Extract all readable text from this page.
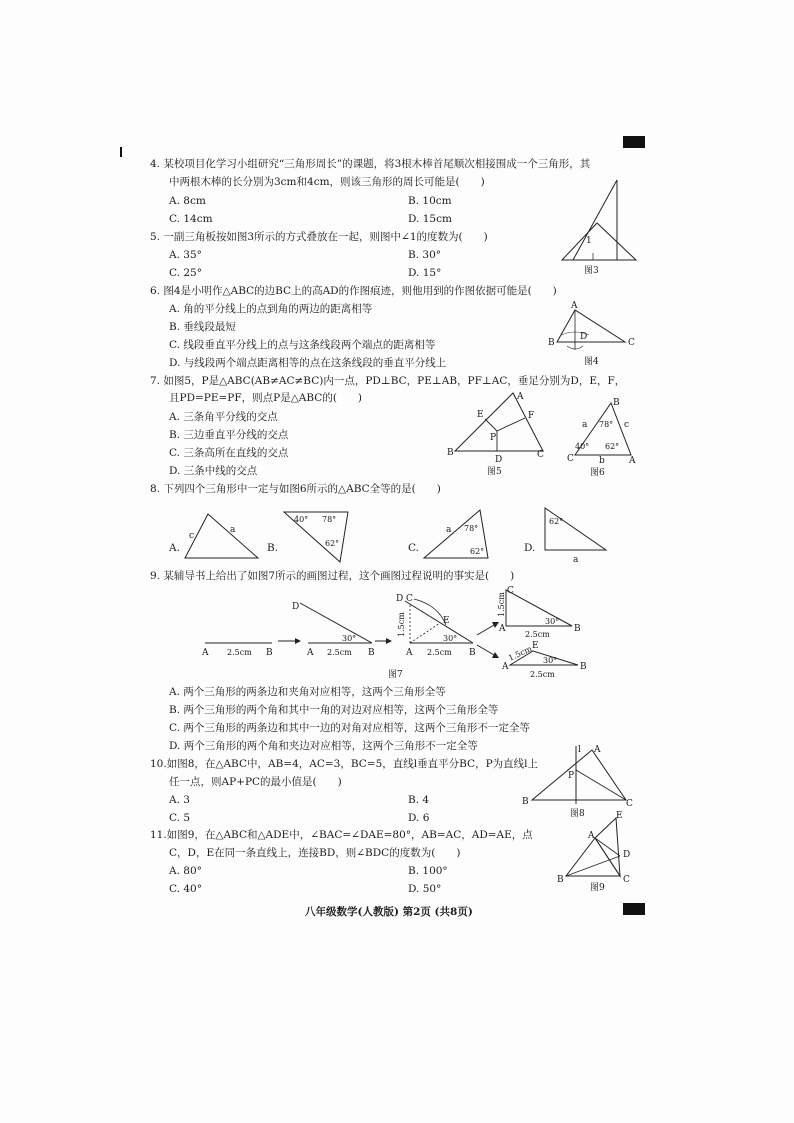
4. 某校项目化学习小组研究“三角形周长”的课题，将3根木棒首尾顺次相接围成一个三角形，其
中两根木棒的长分别为3cm和4cm，则该三角形的周长可能是(　　)
A. 8cm	B. 10cm
C. 14cm	D. 15cm
1
图3
5. 一副三角板按如图3所示的方式叠放在一起，则图中∠1的度数为(　　)
A. 35°	B. 30°
C. 25°	D. 15°
6. 图4是小明作△ABC的边BC上的高AD的作图痕迹，则他用到的作图依据可能是(　　)
A. 角的平分线上的点到角的两边的距离相等
B. 垂线段最短
C. 线段垂直平分线上的点与这条线段两个端点的距离相等
D. 与线段两个端点距离相等的点在这条线段的垂直平分线上
A
B	C
D
图4
7. 如图5，P是△ABC(AB≠AC≠BC)内一点，PD⊥BC，PE⊥AB，PF⊥AC，垂足分别为D，E，F，
且PD=PE=PF，则点P是△ABC的(　　)
A. 三条角平分线的交点
B. 三边垂直平分线的交点
C. 三条高所在直线的交点
D. 三条中线的交点
A
B	C
D
E	F
P
图5
B
C	A
78°
40° 62°
a	c
b
图6
8. 下列四个三角形中一定与如图6所示的△ABC全等的是(　　)
A.	B.	C.	D.
c
a
40° 78°
62°
a 78°
62°
62°
a
9. 某辅导书上给出了如图7所示的画图过程，这个画图过程说明的事实是(　　)
A	B
2.5cm
D
A	B
2.5cm
30°
D C
E
A	B
2.5cm
30°
1.5cm
C
A	B
30°
2.5cm
1.5cm
E
A	B
30°
2.5cm
1.5cm
图7
A. 两个三角形的两条边和夹角对应相等，这两个三角形全等
B. 两个三角形的两个角和其中一角的对边对应相等，这两个三角形全等
C. 两个三角形的两条边和其中一边的对角对应相等，这两个三角形不一定全等
D. 两个三角形的两个角和夹边对应相等，这两个三角形不一定全等
10.如图8，在△ABC中，AB=4，AC=3，BC=5，直线l垂直平分BC，P为直线l上
任一点，则AP+PC的最小值是(　　)
A. 3	B. 4
C. 5	D. 6
l A
B	C
P
图8
11.如图9，在△ABC和△ADE中，∠BAC=∠DAE=80°，AB=AC，AD=AE，点
C，D，E在同一条直线上，连接BD，则∠BDC的度数为(　　)
A. 80°	B. 100°
C. 40°	D. 50°
A
E
D
B	C
图9
八年级数学(人教版) 第2页 (共8页)
